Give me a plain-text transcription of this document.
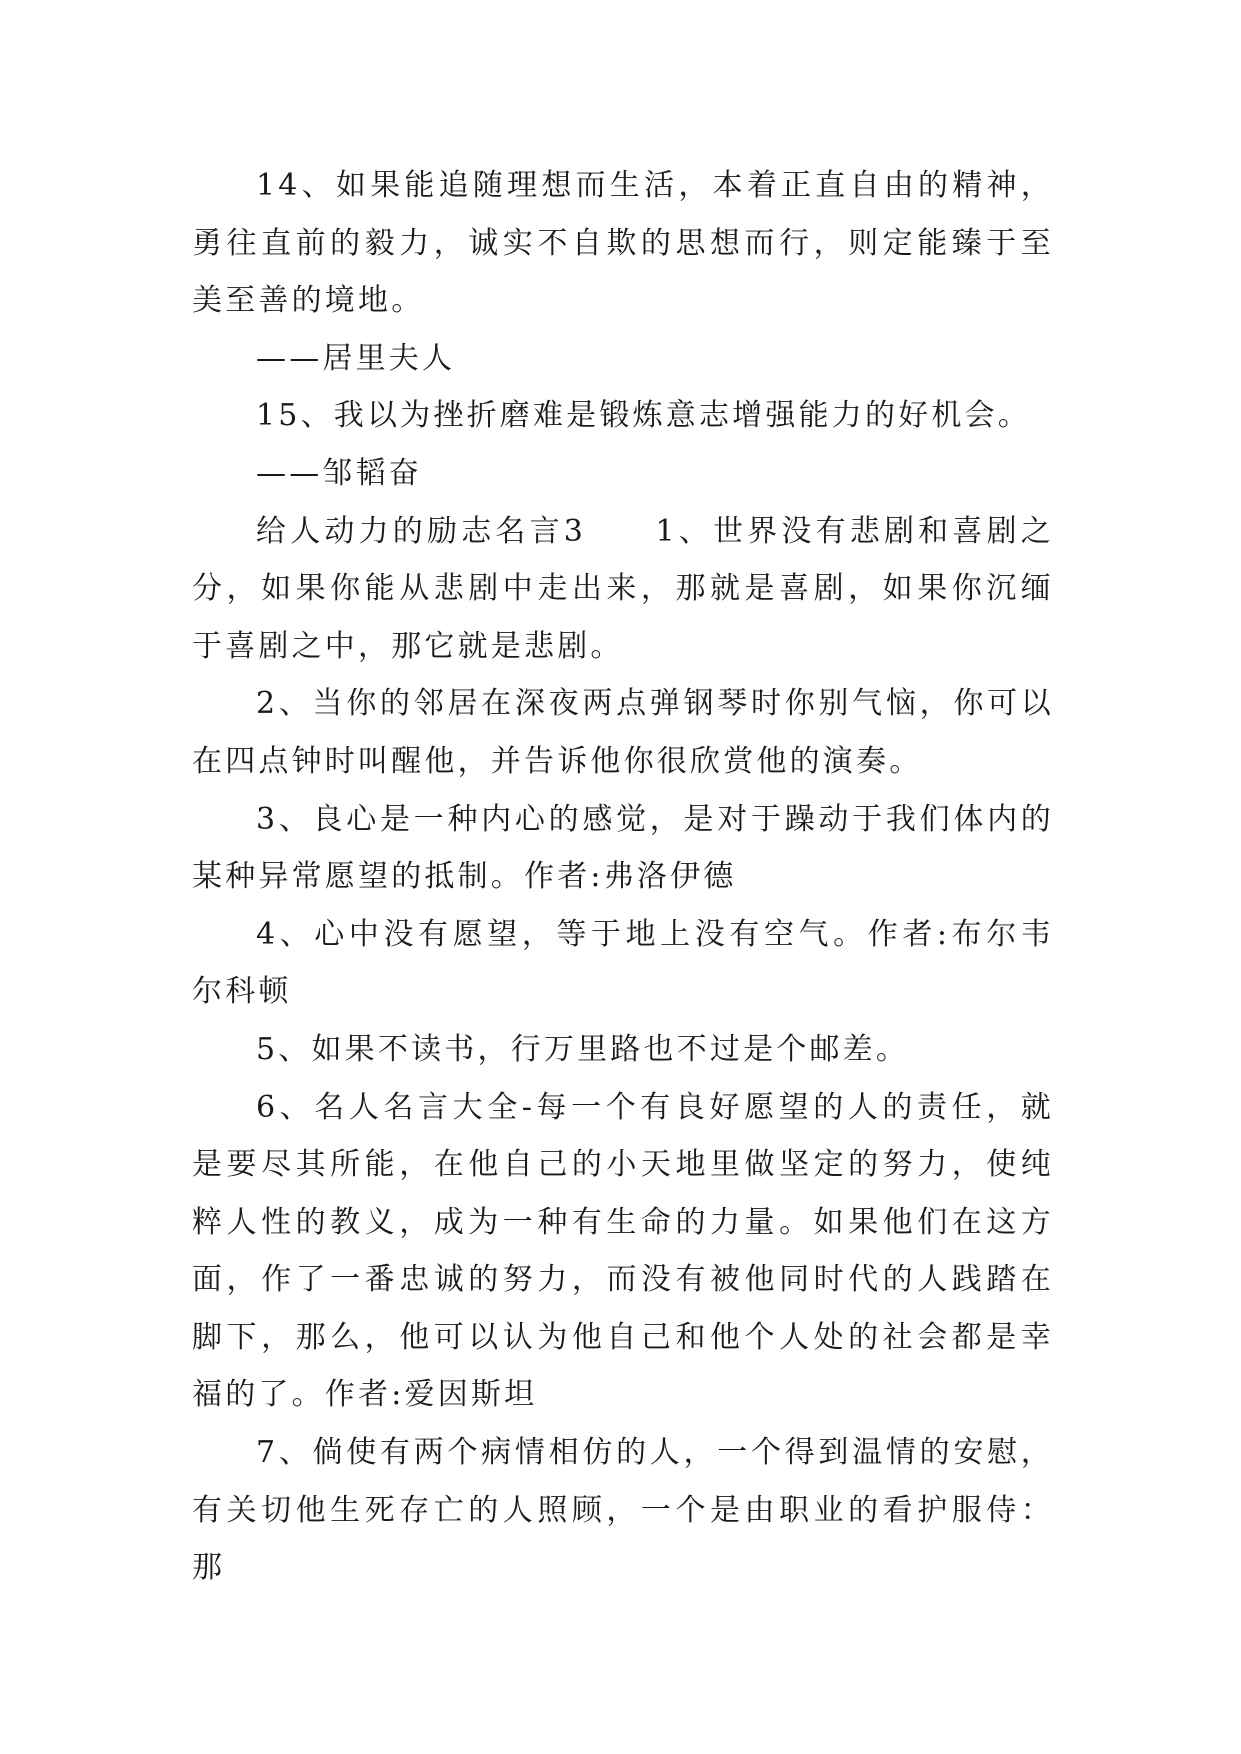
14、如果能追随理想而生活，本着正直自由的精神，勇往直前的毅力，诚实不自欺的思想而行，则定能臻于至美至善的境地。

——居里夫人

15、我以为挫折磨难是锻炼意志增强能力的好机会。

——邹韬奋

给人动力的励志名言3　　1、世界没有悲剧和喜剧之分，如果你能从悲剧中走出来，那就是喜剧，如果你沉缅于喜剧之中，那它就是悲剧。

2、当你的邻居在深夜两点弹钢琴时你别气恼，你可以在四点钟时叫醒他，并告诉他你很欣赏他的演奏。

3、良心是一种内心的感觉，是对于躁动于我们体内的某种异常愿望的抵制。作者:弗洛伊德

4、心中没有愿望，等于地上没有空气。作者:布尔韦尔科顿

5、如果不读书，行万里路也不过是个邮差。

6、名人名言大全-每一个有良好愿望的人的责任，就是要尽其所能，在他自己的小天地里做坚定的努力，使纯粹人性的教义，成为一种有生命的力量。如果他们在这方面，作了一番忠诚的努力，而没有被他同时代的人践踏在脚下，那么，他可以认为他自己和他个人处的社会都是幸福的了。作者:爱因斯坦

7、倘使有两个病情相仿的人，一个得到温情的安慰，有关切他生死存亡的人照顾，一个是由职业的看护服侍：那
